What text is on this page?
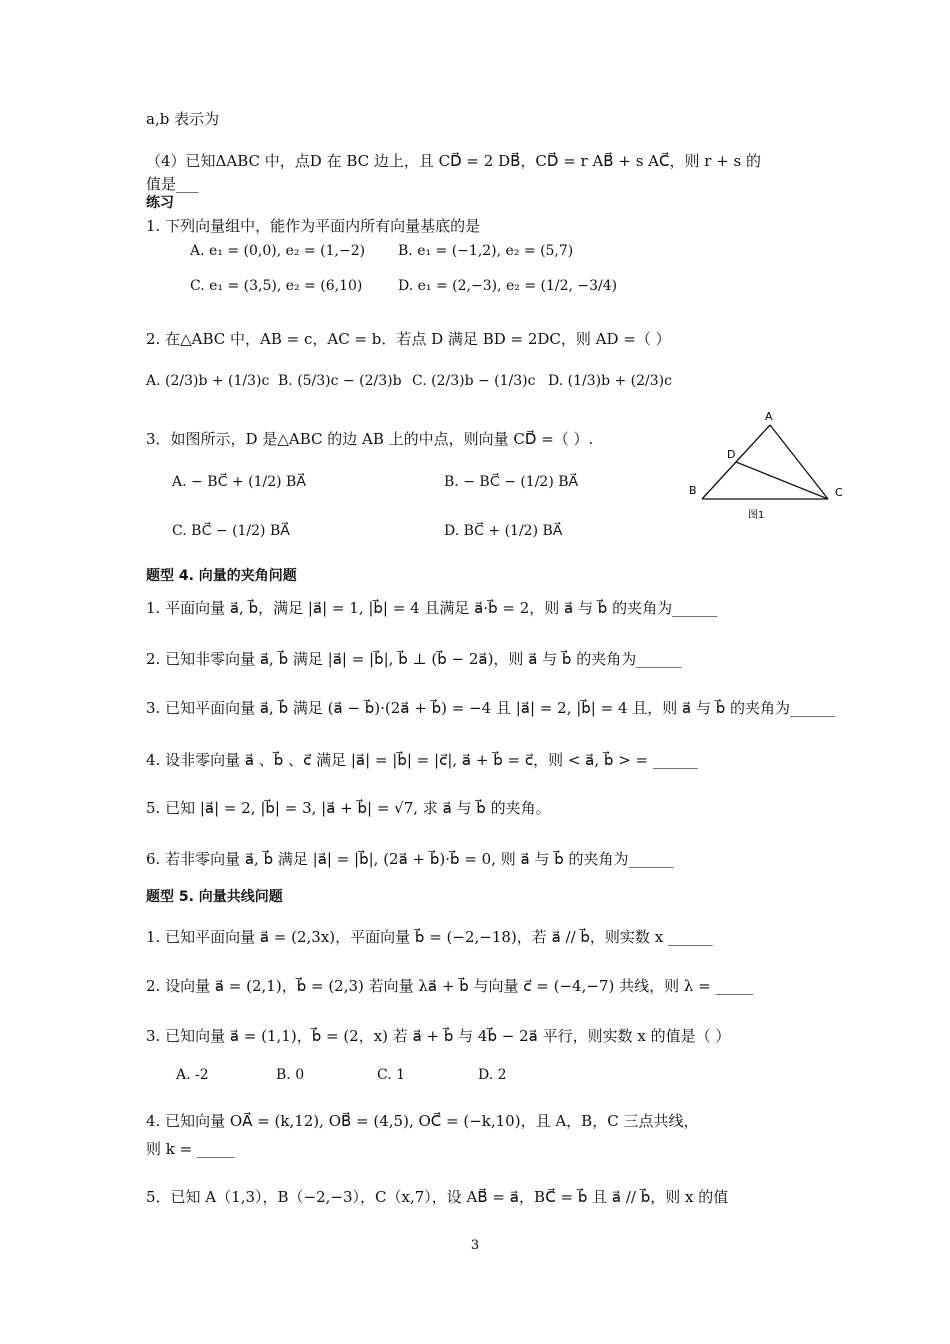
a,b 表示为
（4）已知ΔABC 中，点D 在 BC 边上，且 CD⃗ = 2 DB⃗，CD⃗ = r AB⃗ + s AC⃗，则 r + s 的
值是___
练习
1. 下列向量组中，能作为平面内所有向量基底的是
A. e₁ = (0,0), e₂ = (1,−2) B. e₁ = (−1,2), e₂ = (5,7)
C. e₁ = (3,5), e₂ = (6,10)	D. e₁ = (2,−3), e₂ = (1/2, −3/4)
2. 在△ABC 中，AB = c，AC = b．若点 D 满足 BD = 2DC，则 AD =（ ）
A. (2/3)b + (1/3)c B. (5/3)c − (2/3)b C. (2/3)b − (1/3)c D. (1/3)b + (2/3)c
3．如图所示，D 是△ABC 的边 AB 上的中点，则向量 CD⃗ =（ ）.
A. − BC⃗ + (1/2) BA⃗	B. − BC⃗ − (1/2) BA⃗
C. BC⃗ − (1/2) BA⃗	D. BC⃗ + (1/2) BA⃗
A
B	C
D
图1
题型 4. 向量的夹角问题
1. 平面向量 a⃗, b⃗，满足 |a⃗| = 1, |b⃗| = 4 且满足 a⃗·b⃗ = 2，则 a⃗ 与 b⃗ 的夹角为______
2. 已知非零向量 a⃗, b⃗ 满足 |a⃗| = |b⃗|, b⃗ ⊥ (b⃗ − 2a⃗)，则 a⃗ 与 b⃗ 的夹角为______
3. 已知平面向量 a⃗, b⃗ 满足 (a⃗ − b⃗)·(2a⃗ + b⃗) = −4 且 |a⃗| = 2, |b⃗| = 4 且，则 a⃗ 与 b⃗ 的夹角为______
4. 设非零向量 a⃗ 、b⃗ 、c⃗ 满足 |a⃗| = |b⃗| = |c⃗|, a⃗ + b⃗ = c⃗，则 < a⃗, b⃗ > = ______
5. 已知 |a⃗| = 2, |b⃗| = 3, |a⃗ + b⃗| = √7, 求 a⃗ 与 b⃗ 的夹角。
6. 若非零向量 a⃗, b⃗ 满足 |a⃗| = |b⃗|, (2a⃗ + b⃗)·b⃗ = 0, 则 a⃗ 与 b⃗ 的夹角为______
题型 5. 向量共线问题
1. 已知平面向量 a⃗ = (2,3x)，平面向量 b⃗ = (−2,−18)，若 a⃗ // b⃗，则实数 x ______
2. 设向量 a⃗ = (2,1)，b⃗ = (2,3) 若向量 λa⃗ + b⃗ 与向量 c⃗ = (−4,−7) 共线，则 λ = _____
3. 已知向量 a⃗ = (1,1)，b⃗ = (2，x) 若 a⃗ + b⃗ 与 4b⃗ − 2a⃗ 平行，则实数 x 的值是（ ）
A. -2	B. 0	C. 1	D. 2
4. 已知向量 OA⃗ = (k,12), OB⃗ = (4,5), OC⃗ = (−k,10)，且 A，B，C 三点共线，
则 k = _____
5．已知 A（1,3），B（−2,−3），C（x,7），设 AB⃗ = a⃗，BC⃗ = b⃗ 且 a⃗ // b⃗，则 x 的值
3
